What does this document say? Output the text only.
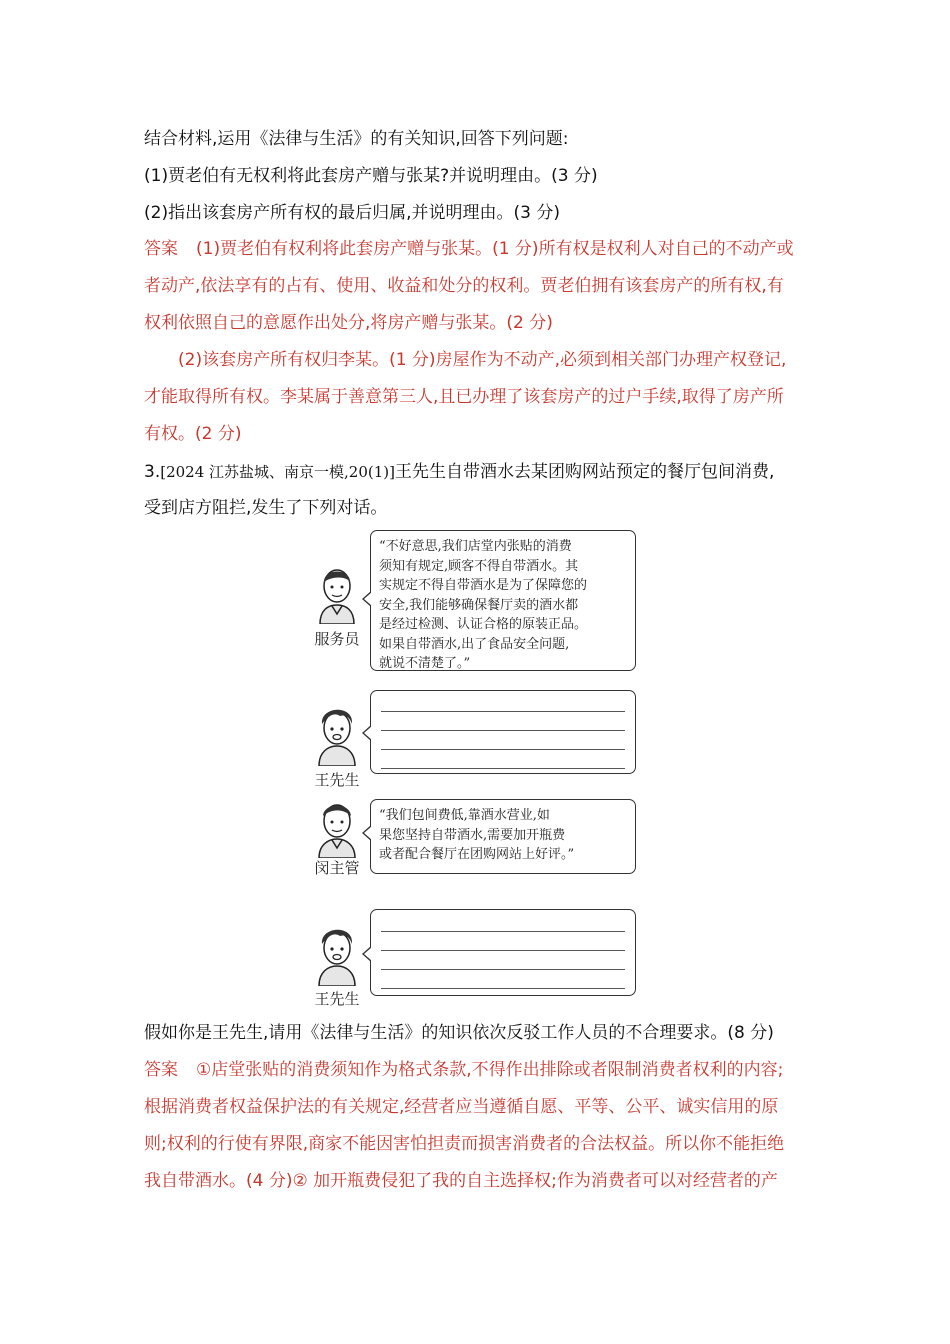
结合材料,运用《法律与生活》的有关知识,回答下列问题:
(1)贾老伯有无权利将此套房产赠与张某?并说明理由。(3 分)
(2)指出该套房产所有权的最后归属,并说明理由。(3 分)
答案 (1)贾老伯有权利将此套房产赠与张某。(1 分)所有权是权利人对自己的不动产或
者动产,依法享有的占有、使用、收益和处分的权利。贾老伯拥有该套房产的所有权,有
权利依照自己的意愿作出处分,将房产赠与张某。(2 分)
(2)该套房产所有权归李某。(1 分)房屋作为不动产,必须到相关部门办理产权登记,
才能取得所有权。李某属于善意第三人,且已办理了该套房产的过户手续,取得了房产所
有权。(2 分)
3.[2024 江苏盐城、南京一模,20(1)]王先生自带酒水去某团购网站预定的餐厅包间消费,
受到店方阻拦,发生了下列对话。
服务员
“不好意思,我们店堂内张贴的消费
须知有规定,顾客不得自带酒水。其
实规定不得自带酒水是为了保障您的
安全,我们能够确保餐厅卖的酒水都
是经过检测、认证合格的原装正品。
如果自带酒水,出了食品安全问题,
就说不清楚了。”
王先生
闵主管
“我们包间费低,靠酒水营业,如
果您坚持自带酒水,需要加开瓶费
或者配合餐厅在团购网站上好评。”
王先生
假如你是王先生,请用《法律与生活》的知识依次反驳工作人员的不合理要求。(8 分)
答案 ①店堂张贴的消费须知作为格式条款,不得作出排除或者限制消费者权利的内容;
根据消费者权益保护法的有关规定,经营者应当遵循自愿、平等、公平、诚实信用的原
则;权利的行使有界限,商家不能因害怕担责而损害消费者的合法权益。所以你不能拒绝
我自带酒水。(4 分)② 加开瓶费侵犯了我的自主选择权;作为消费者可以对经营者的产
